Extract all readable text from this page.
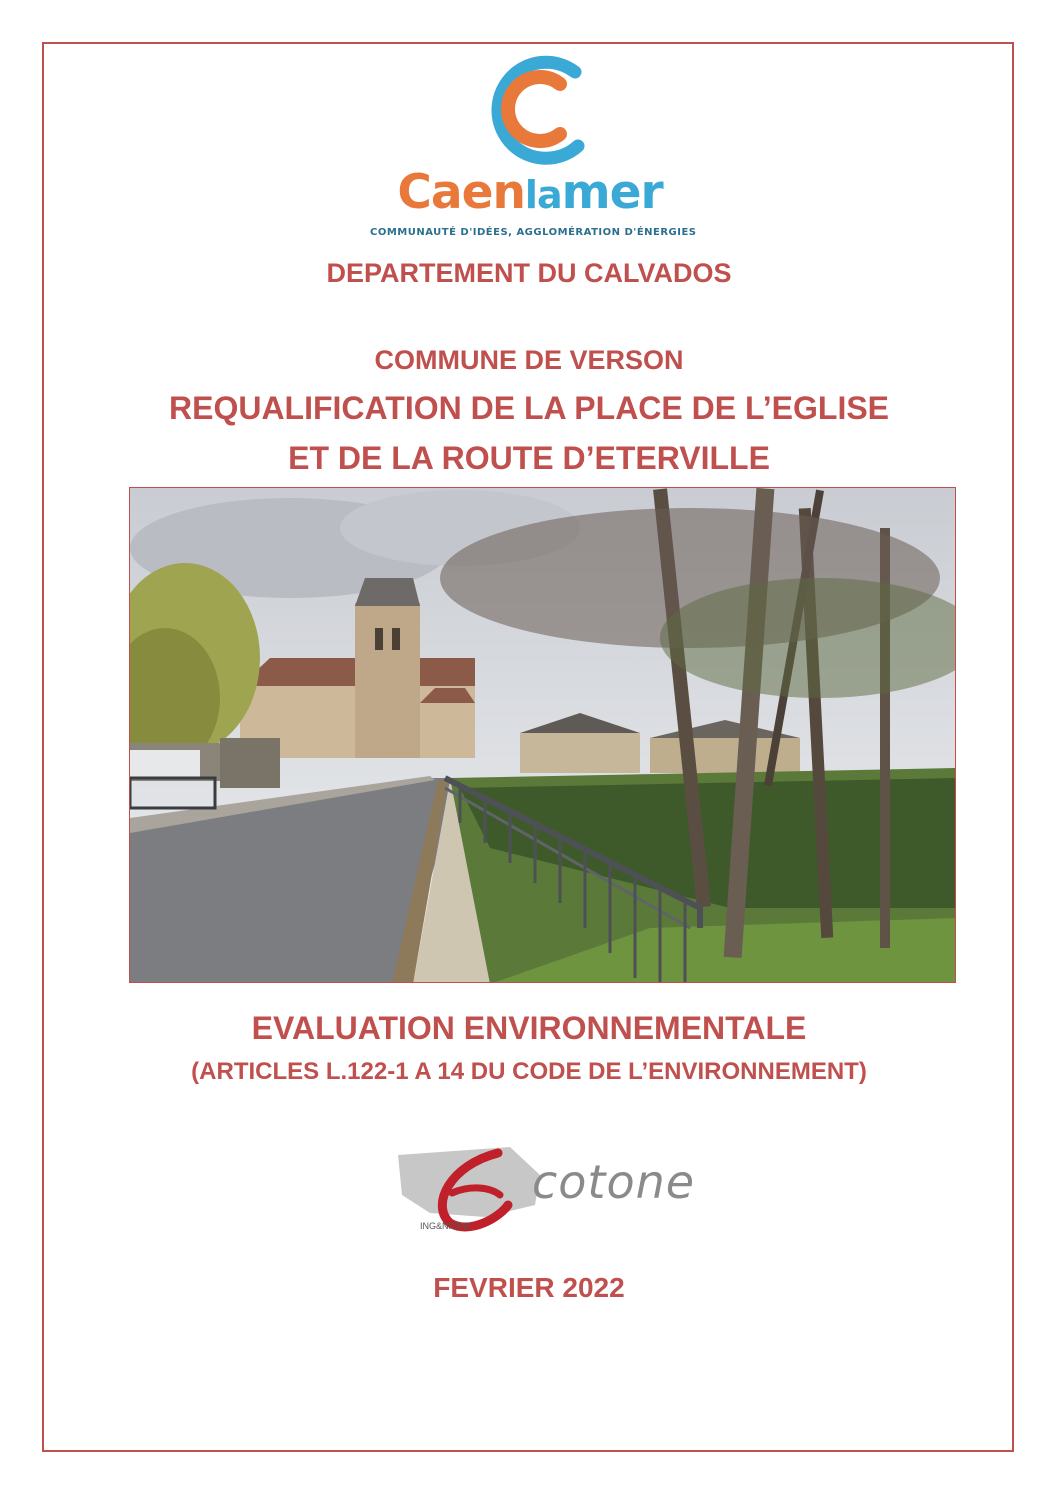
Caenlamer
COMMUNAUTÉ D'IDÉES, AGGLOMÉRATION D'ÉNERGIES
DEPARTEMENT DU CALVADOS
COMMUNE DE VERSON
REQUALIFICATION DE LA PLACE DE L’EGLISE
ET DE LA ROUTE D’ETERVILLE
EVALUATION ENVIRONNEMENTALE
(ARTICLES L.122-1 A 14 DU CODE DE L’ENVIRONNEMENT)
cotone
ING&NIERIE
FEVRIER 2022
